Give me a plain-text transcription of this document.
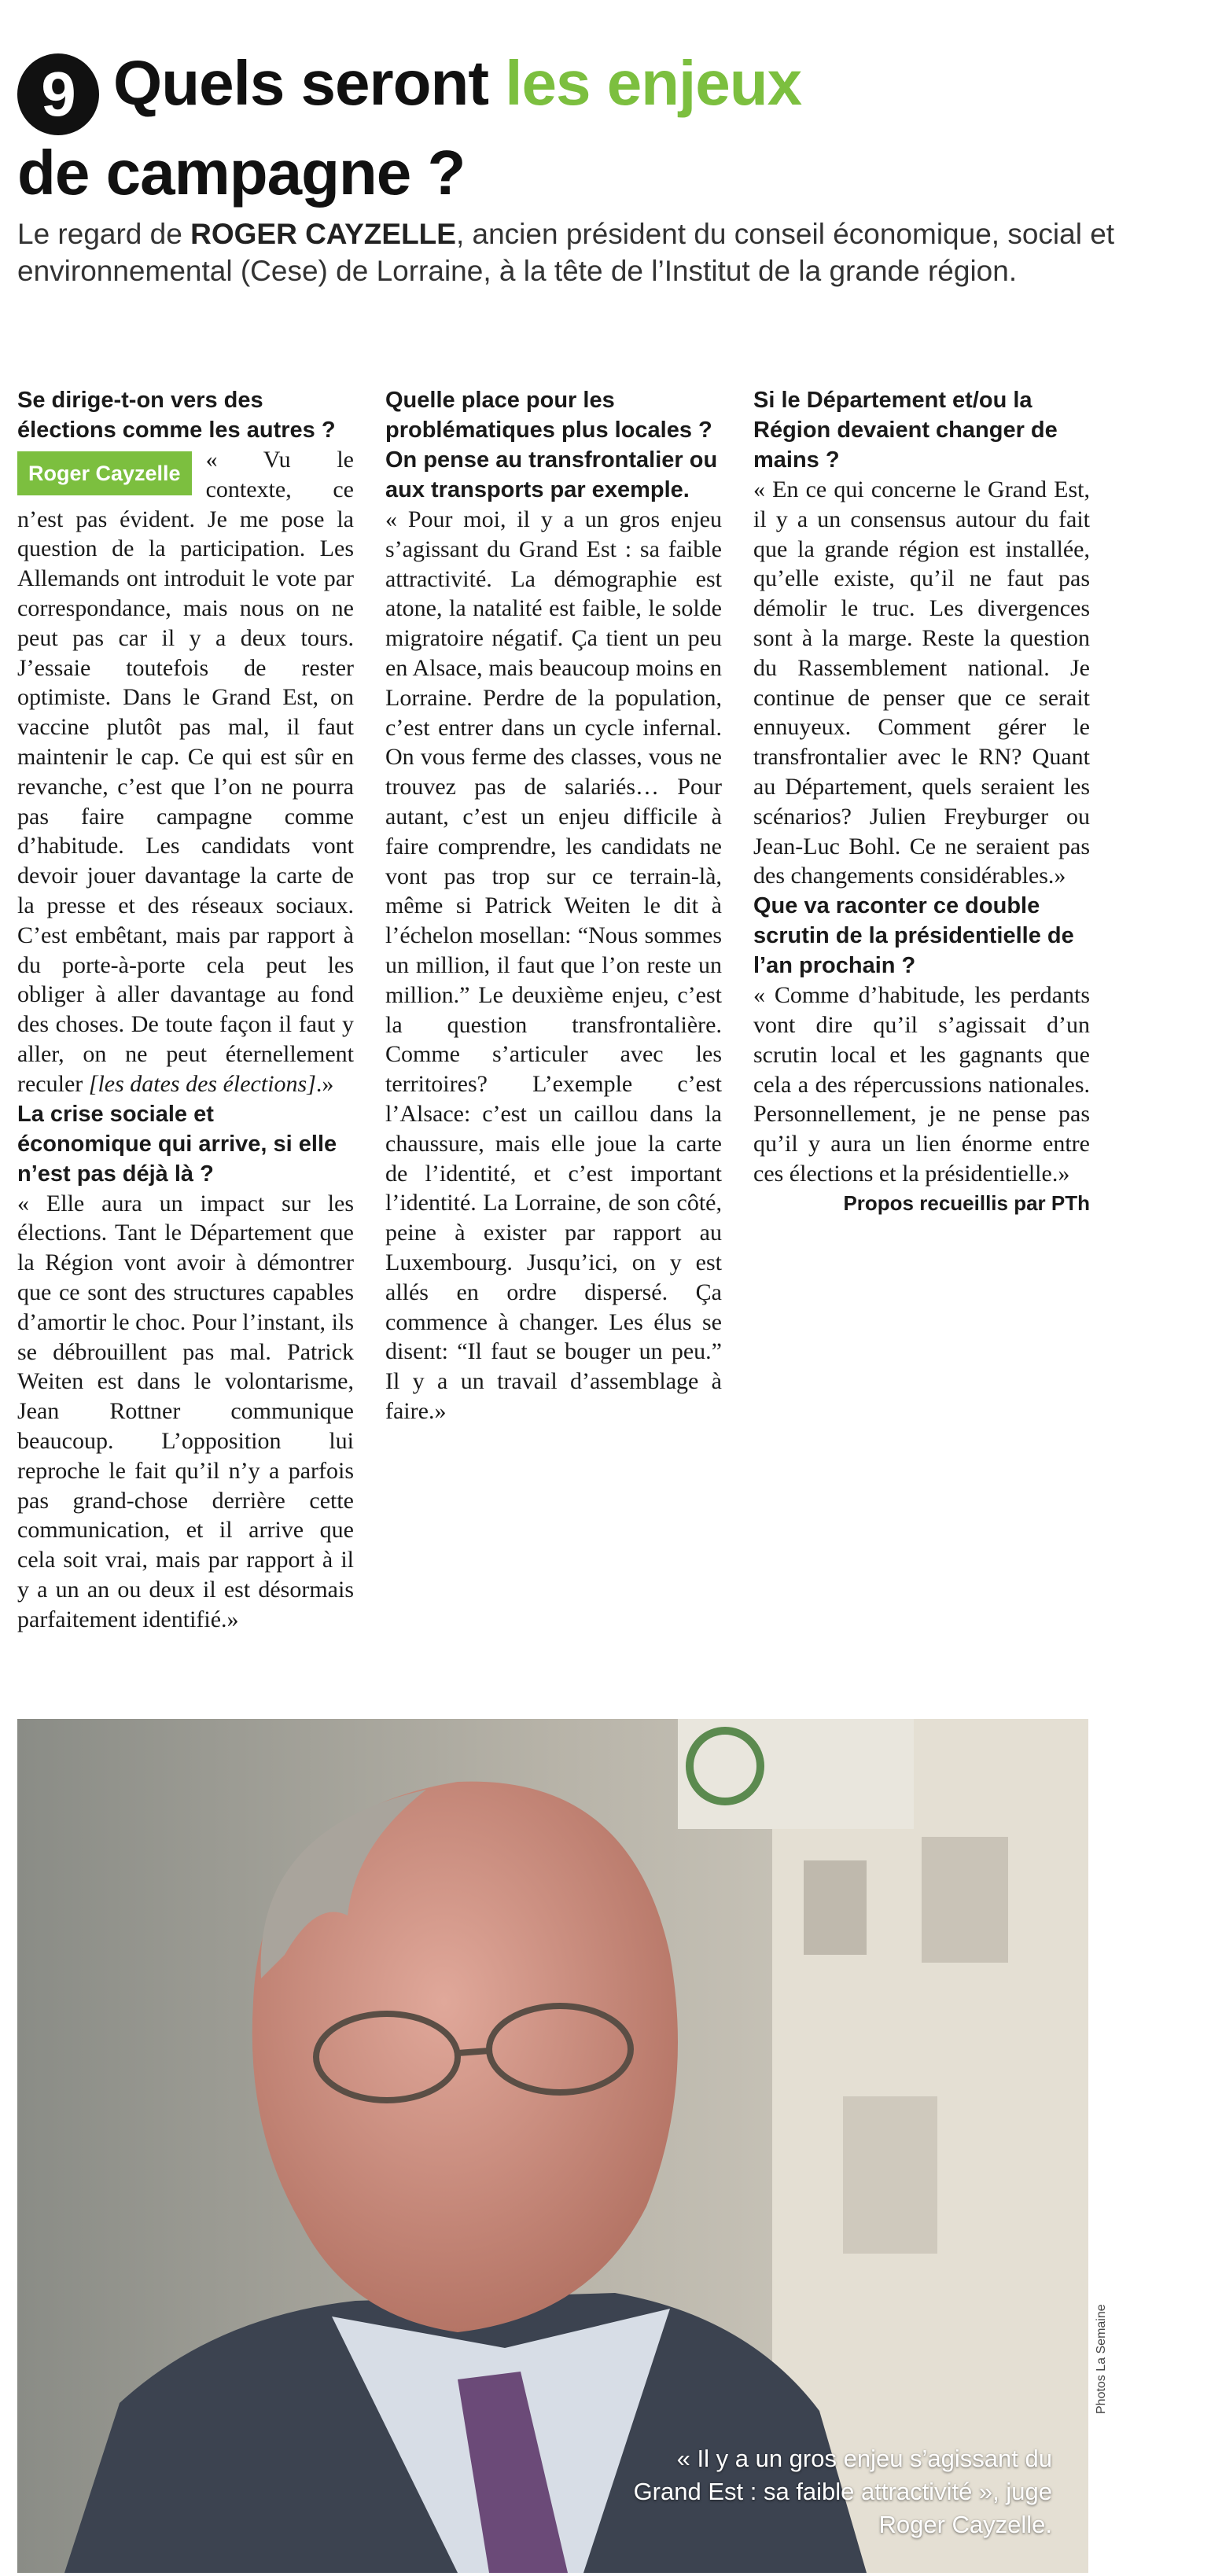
9 Quels seront les enjeux
de campagne ?
Le regard de ROGER CAYZELLE, ancien président du conseil économique, social et environnemental (Cese) de Lorraine, à la tête de l’Institut de la grande région.

Se dirige-t-on vers des élections comme les autres ?

Roger Cayzelle
« Vu le contexte, ce n’est pas évident. Je me pose la question de la participation. Les Allemands ont introduit le vote par correspondance, mais nous on ne peut pas car il y a deux tours. J’essaie toutefois de rester optimiste. Dans le Grand Est, on vaccine plutôt pas mal, il faut maintenir le cap. Ce qui est sûr en revanche, c’est que l’on ne pourra pas faire campagne comme d’habitude. Les candidats vont devoir jouer davantage la carte de la presse et des réseaux sociaux. C’est embêtant, mais par rapport à du porte-à-porte cela peut les obliger à aller davantage au fond des choses. De toute façon il faut y aller, on ne peut éternellement reculer [les dates des élections].»

La crise sociale et économique qui arrive, si elle n’est pas déjà là ?

« Elle aura un impact sur les élections. Tant le Département que la Région vont avoir à démontrer que ce sont des structures capables d’amortir le choc. Pour l’instant, ils se débrouillent pas mal. Patrick Weiten est dans le volontarisme, Jean Rottner communique beaucoup. L’opposition lui reproche le fait qu’il n’y a parfois pas grand-chose derrière cette communication, et il arrive que cela soit vrai, mais par rapport à il y a un an ou deux il est désormais parfaitement identifié.»

Quelle place pour les problématiques plus locales ? On pense au transfrontalier ou aux transports par exemple.

« Pour moi, il y a un gros enjeu s’agissant du Grand Est : sa faible attractivité. La démographie est atone, la natalité est faible, le solde migratoire négatif. Ça tient un peu en Alsace, mais beaucoup moins en Lorraine. Perdre de la population, c’est entrer dans un cycle infernal. On vous ferme des classes, vous ne trouvez pas de salariés… Pour autant, c’est un enjeu difficile à faire comprendre, les candidats ne vont pas trop sur ce terrain-là, même si Patrick Weiten le dit à l’échelon mosellan: “Nous sommes un million, il faut que l’on reste un million.” Le deuxième enjeu, c’est la question transfrontalière. Comme s’articuler avec les territoires? L’exemple c’est l’Alsace: c’est un caillou dans la chaussure, mais elle joue la carte de l’identité, et c’est important l’identité. La Lorraine, de son côté, peine à exister par rapport au Luxembourg. Jusqu’ici, on y est allés en ordre dispersé. Ça commence à changer. Les élus se disent: “Il faut se bouger un peu.” Il y a un travail d’assemblage à faire.»

Si le Département et/ou la Région devaient changer de mains ?

« En ce qui concerne le Grand Est, il y a un consensus autour du fait que la grande région est installée, qu’elle existe, qu’il ne faut pas démolir le truc. Les divergences sont à la marge. Reste la question du Rassemblement national. Je continue de penser que ce serait ennuyeux. Comment gérer le transfrontalier avec le RN? Quant au Département, quels seraient les scénarios? Julien Freyburger ou Jean-Luc Bohl. Ce ne seraient pas des changements considérables.»

Que va raconter ce double scrutin de la présidentielle de l’an prochain ?

« Comme d’habitude, les perdants vont dire qu’il s’agissait d’un scrutin local et les gagnants que cela a des répercussions nationales. Personnellement, je ne pense pas qu’il y aura un lien énorme entre ces élections et la présidentielle.»

Propos recueillis par PTh

« Il y a un gros enjeu s’agissant du Grand Est : sa faible attractivité », juge Roger Cayzelle.
Photos La Semaine
